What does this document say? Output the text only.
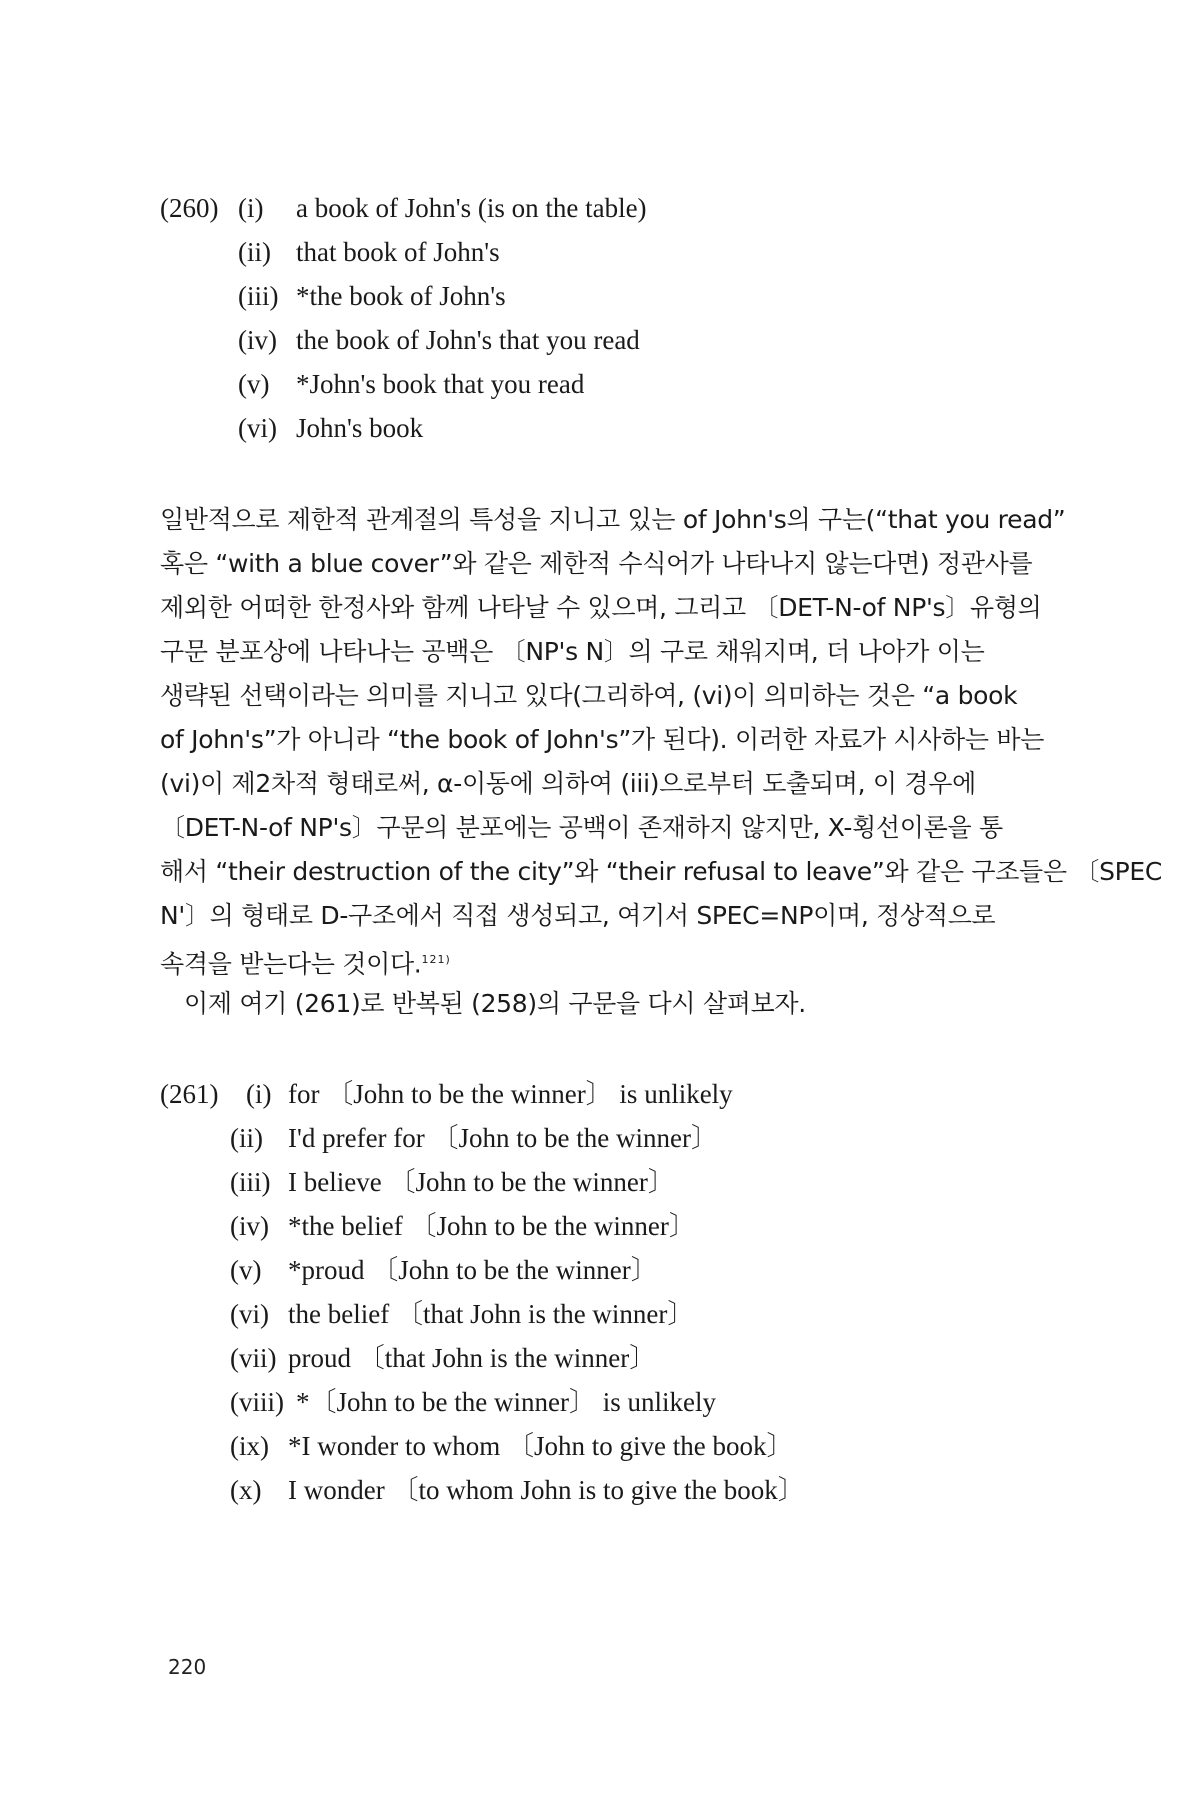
(260) (i) a book of John's (is on the table)
(ii) that book of John's
(iii) *the book of John's
(iv) the book of John's that you read
(v) *John's book that you read
(vi) John's book
일반적으로 제한적 관계절의 특성을 지니고 있는 of John's의 구는(“that you read”
혹은 “with a blue cover”와 같은 제한적 수식어가 나타나지 않는다면) 정관사를
제외한 어떠한 한정사와 함께 나타날 수 있으며, 그리고 〔DET-N-of NP's〕유형의
구문 분포상에 나타나는 공백은 〔NP's N〕의 구로 채워지며, 더 나아가 이는
생략된 선택이라는 의미를 지니고 있다(그리하여, (vi)이 의미하는 것은 “a book
of John's”가 아니라 “the book of John's”가 된다). 이러한 자료가 시사하는 바는
(vi)이 제2차적 형태로써, α-이동에 의하여 (iii)으로부터 도출되며, 이 경우에
〔DET-N-of NP's〕구문의 분포에는 공백이 존재하지 않지만, X-횡선이론을 통
해서 “their destruction of the city”와 “their refusal to leave”와 같은 구조들은 〔SPEC
N'〕의 형태로 D-구조에서 직접 생성되고, 여기서 SPEC=NP이며, 정상적으로
속격을 받는다는 것이다.$^{121)}$
이제 여기 (261)로 반복된 (258)의 구문을 다시 살펴보자.
(261) (i) for 〔John to be the winner〕 is unlikely
(ii) I'd prefer for 〔John to be the winner〕
(iii) I believe 〔John to be the winner〕
(iv) *the belief 〔John to be the winner〕
(v) *proud 〔John to be the winner〕
(vi) the belief 〔that John is the winner〕
(vii) proud 〔that John is the winner〕
(viii) *〔John to be the winner〕 is unlikely
(ix) *I wonder to whom 〔John to give the book〕
(x) I wonder 〔to whom John is to give the book〕
220
